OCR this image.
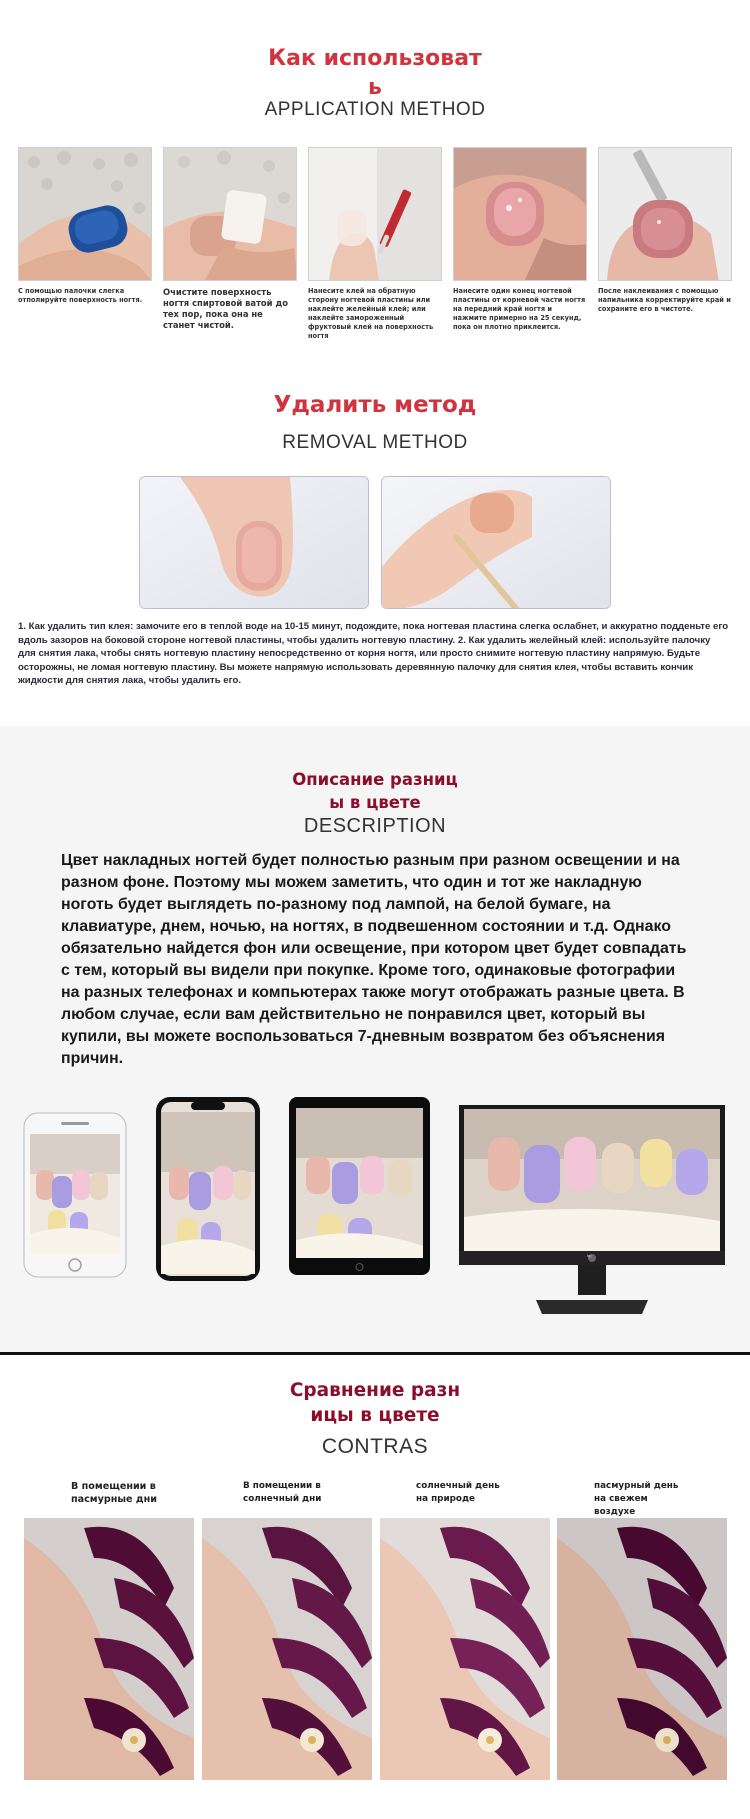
Как использоват
ь
APPLICATION METHOD
С помощью палочки слегка отполируйте поверхность ногтя.
Очистите поверхность ногтя спиртовой ватой до тех пор, пока она не станет чистой.
Нанесите клей на обратную сторону ногтевой пластины или наклейте желейный клей; или наклейте замороженный фруктовый клей на поверхность ногтя
Нанесите один конец ногтевой пластины от корневой части ногтя на передний край ногтя и нажмите примерно на 25 секунд, пока он плотно приклеится.
После наклеивания с помощью напильника корректируйте край и сохраните его в чистоте.
Удалить метод
REMOVAL METHOD

1. Как удалить тип клея: замочите его в теплой воде на 10-15 минут, подождите, пока ногтевая пластина слегка ослабнет, и аккуратно подденьте его вдоль зазоров на боковой стороне ногтевой пластины, чтобы удалить ногтевую пластину. 2. Как удалить желейный клей: используйте палочку для снятия лака, чтобы снять ногтевую пластину непосредственно от корня ногтя, или просто снимите ногтевую пластину напрямую. Будьте осторожны, не ломая ногтевую пластину. Вы можете напрямую использовать деревянную палочку для снятия клея, чтобы вставить кончик жидкости для снятия лака, чтобы удалить его.

Описание разниц
ы в цвете
DESCRIPTION

Цвет накладных ногтей будет полностью разным при разном освещении и на разном фоне. Поэтому мы можем заметить, что один и тот же накладную ноготь будет выглядеть по-разному под лампой, на белой бумаге, на клавиатуре, днем, ночью, на ногтях, в подвешенном состоянии и т.д. Однако обязательно найдется фон или освещение, при котором цвет будет совпадать с тем, который вы видели при покупке. Кроме того, одинаковые фотографии на разных телефонах и компьютерах также могут отображать разные цвета. В любом случае, если вам действительно не понравился цвет, который вы купили, вы можете воспользоваться 7-дневным возвратом без объяснения причин.

hp
Сравнение разн
ицы в цвете
CONTRAS
В помещении в пасмурные дни
В помещении в солнечный дни
солнечный день на природе
пасмурный день на свежем воздухе
